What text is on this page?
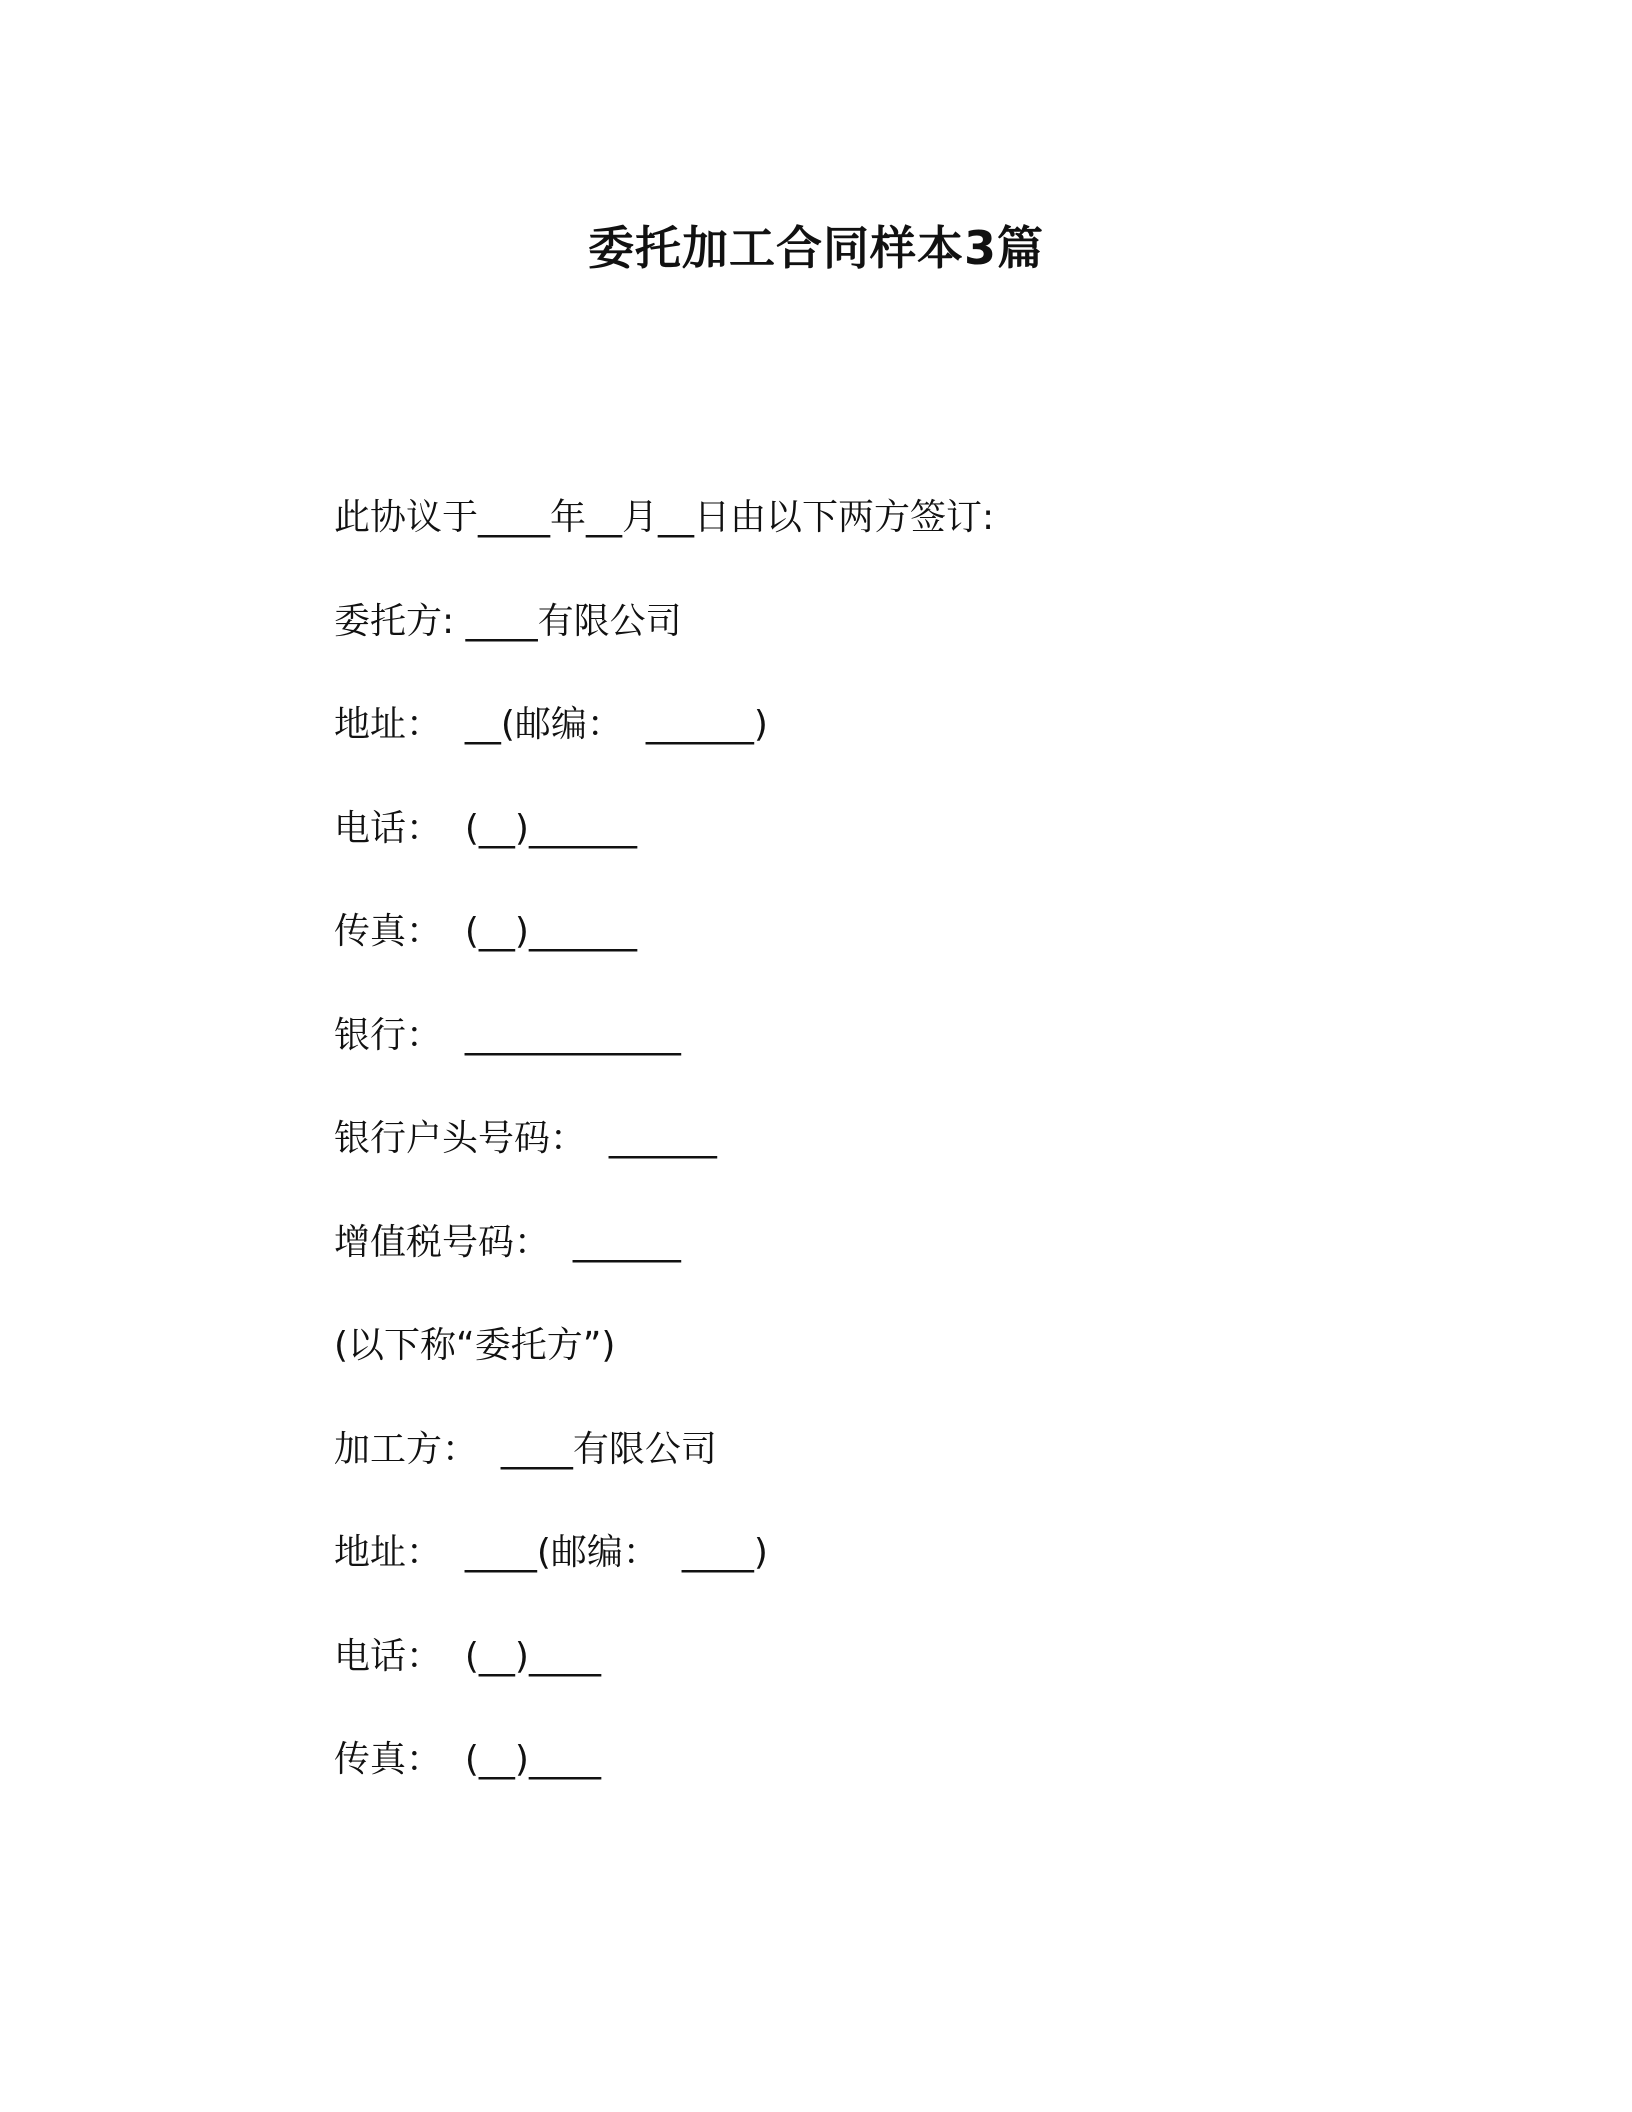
委托加工合同样本3篇
此协议于____年__月__日由以下两方签订:
委托方: ____有限公司
地址：  __(邮编：  ______)
电话：  (__)______
传真：  (__)______
银行：  ____________
银行户头号码：  ______
增值税号码：  ______
(以下称“委托方”)
加工方：  ____有限公司
地址：  ____(邮编：  ____)
电话：  (__)____
传真：  (__)____
